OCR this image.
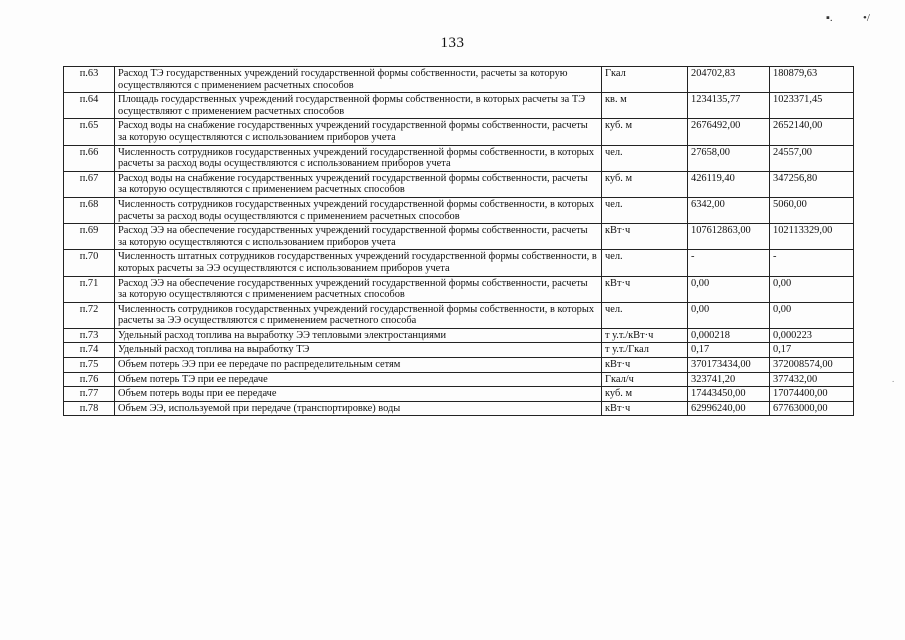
▪.	•/
.
133
п.63	Расход ТЭ государственных учреждений государственной формы собственности, расчеты за которую осуществляются с применением расчетных способов	Гкал	204702,83	180879,63
п.64	Площадь государственных учреждений государственной формы собственности, в которых расчеты за ТЭ осуществляют с применением расчетных способов	кв. м	1234135,77	1023371,45
п.65	Расход воды на снабжение государственных учреждений государственной формы собственности, расчеты за которую осуществляются с использованием приборов учета	куб. м	2676492,00	2652140,00
п.66	Численность сотрудников государственных учреждений государственной формы собственности, в которых расчеты за расход воды осуществляются с использованием приборов учета	чел.	27658,00	24557,00
п.67	Расход воды на снабжение государственных учреждений государственной формы собственности, расчеты за которую осуществляются с применением расчетных способов	куб. м	426119,40	347256,80
п.68	Численность сотрудников государственных учреждений государственной формы собственности, в которых расчеты за расход воды осуществляются с применением расчетных способов	чел.	6342,00	5060,00
п.69	Расход ЭЭ на обеспечение государственных учреждений государственной формы собственности, расчеты за которую осуществляются с использованием приборов учета	кВт·ч	107612863,00	102113329,00
п.70	Численность штатных сотрудников государственных учреждений государственной формы собственности, в которых расчеты за ЭЭ осуществляются с использованием приборов учета	чел.	-	-
п.71	Расход ЭЭ на обеспечение государственных учреждений государственной формы собственности, расчеты за которую осуществляются с применением расчетных способов	кВт·ч	0,00	0,00
п.72	Численность сотрудников государственных учреждений государственной формы собственности, в которых расчеты за ЭЭ осуществляются с применением расчетного способа	чел.	0,00	0,00
п.73	Удельный расход топлива на выработку ЭЭ тепловыми электростанциями	т у.т./кВт·ч	0,000218	0,000223
п.74	Удельный расход топлива на выработку ТЭ	т у.т./Гкал	0,17	0,17
п.75	Объем потерь ЭЭ при ее передаче по распределительным сетям	кВт·ч	370173434,00	372008574,00
п.76	Объем потерь ТЭ при ее передаче	Гкал/ч	323741,20	377432,00
п.77	Объем потерь воды при ее передаче	куб. м	17443450,00	17074400,00
п.78	Объем ЭЭ, используемой при передаче (транспортировке) воды	кВт·ч	62996240,00	67763000,00
